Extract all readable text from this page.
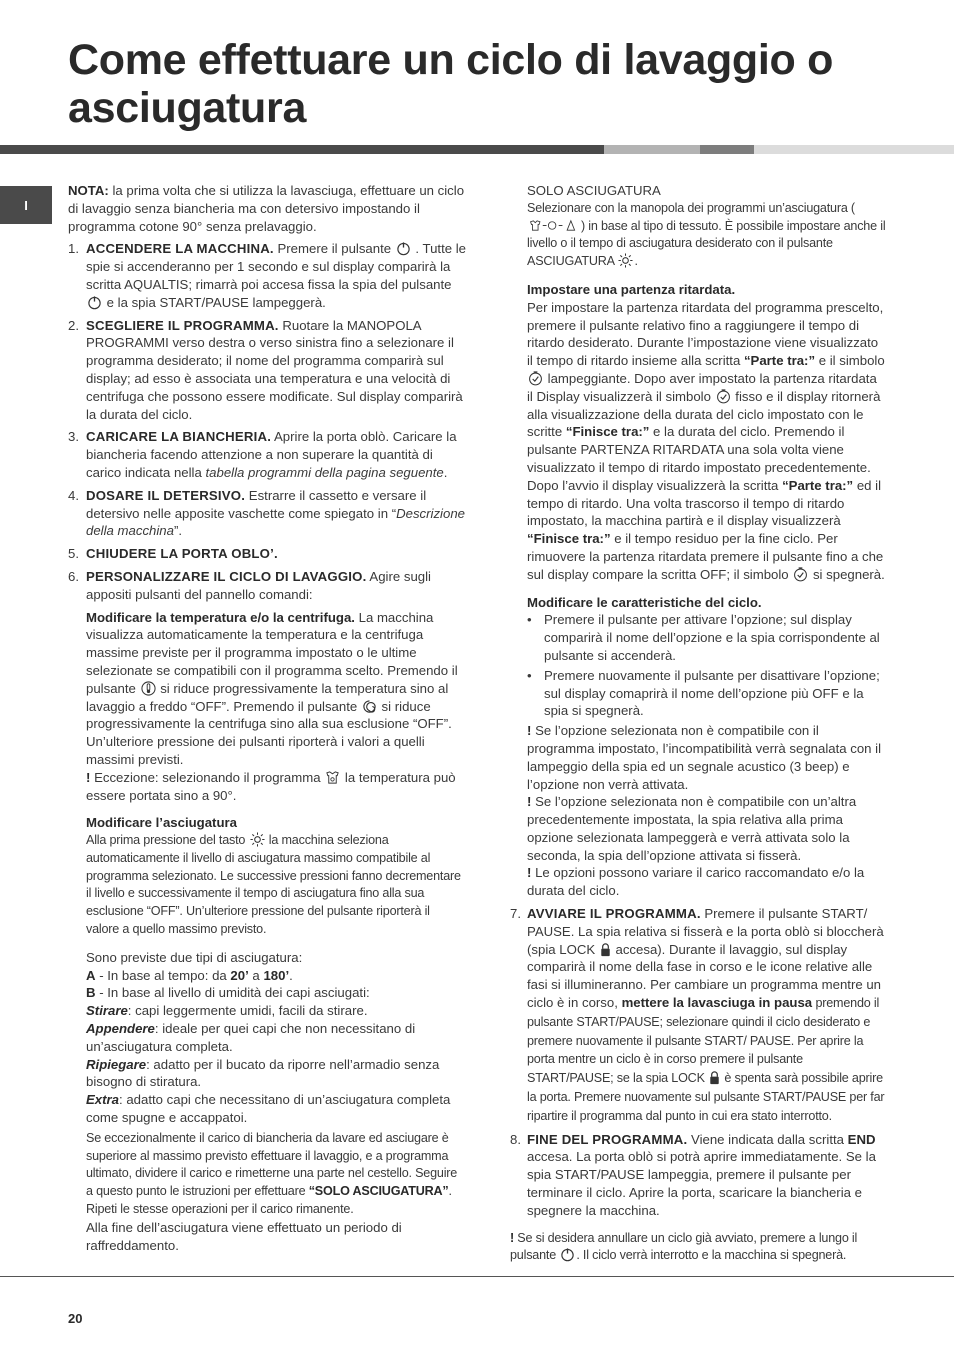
Come effettuare un ciclo di lavaggio o asciugatura
I

NOTA: la prima volta che si utilizza la lavasciuga, effettuare un ciclo di lavaggio senza biancheria ma con detersivo impostando il programma cotone 90° senza prelavaggio.

1. ACCENDERE LA MACCHINA. Premere il pulsante
. Tutte le spie si accenderanno per 1 secondo e sul display comparirà la scritta AQUALTIS; rimarrà poi accesa fissa la spia del pulsante
e la spia START/PAUSE lampeggerà.
2. SCEGLIERE IL PROGRAMMA. Ruotare la MANOPOLA PROGRAMMI verso destra o verso sinistra fino a selezionare il programma desiderato; il nome del programma comparirà sul display; ad esso è associata una temperatura e una velocità di centrifuga che possono essere modificate. Sul display comparirà la durata del ciclo.
3. CARICARE LA BIANCHERIA. Aprire la porta oblò. Caricare la biancheria facendo attenzione a non superare la quantità di carico indicata nella tabella programmi della pagina seguente.
4. DOSARE IL DETERSIVO. Estrarre il cassetto e versare il detersivo nelle apposite vaschette come spiegato in “Descrizione della macchina”.
5. CHIUDERE LA PORTA OBLO’.
6. PERSONALIZZARE IL CICLO DI LAVAGGIO. Agire sugli appositi pulsanti del pannello comandi:

Modificare la temperatura e/o la centrifuga. La macchina visualizza automaticamente la temperatura e la centrifuga massime previste per il programma impostato o le ultime selezionate se compatibili con il programma scelto. Premendo il pulsante
si riduce progressivamente la temperatura sino al lavaggio a freddo “OFF”. Premendo il pulsante
si riduce progressivamente la centrifuga sino alla sua esclusione “OFF”. Un’ulteriore pressione dei pulsanti riporterà i valori a quelli massimi previsti.

! Eccezione: selezionando il programma
la temperatura può essere portata sino a 90°.

Modificare l’asciugatura

Alla prima pressione del tasto
la macchina seleziona automaticamente il livello di asciugatura massimo compatibile al programma selezionato. Le successive pressioni fanno decrementare il livello e successivamente il tempo di asciugatura fino alla sua esclusione “OFF”. Un’ulteriore pressione del pulsante riporterà il valore a quello massimo previsto.

Sono previste due tipi di asciugatura:

A - In base al tempo: da 20’ a 180’.

B - In base al livello di umidità dei capi asciugati:

Stirare: capi leggermente umidi, facili da stirare.

Appendere: ideale per quei capi che non necessitano di un’asciugatura completa.

Ripiegare: adatto per il bucato da riporre nell’armadio senza bisogno di stiratura.

Extra: adatto capi che necessitano di un’asciugatura completa come spugne e accappatoi.

Se eccezionalmente il carico di biancheria da lavare ed asciugare è superiore al massimo previsto effettuare il lavaggio, e a programma ultimato, dividere il carico e rimetterne una parte nel cestello. Seguire a questo punto le istruzioni per effettuare “SOLO ASCIUGATURA”. Ripeti le stesse operazioni per il carico rimanente.

Alla fine dell’asciugatura viene effettuato un periodo di raffreddamento.

SOLO ASCIUGATURA

Selezionare con la manopola dei programmi un’asciugatura (
) in base al tipo di tessuto. È possibile impostare anche il livello o il tempo di asciugatura desiderato con il pulsante ASCIUGATURA
.

Impostare una partenza ritardata.

Per impostare la partenza ritardata del programma prescelto, premere il pulsante relativo fino a raggiungere il tempo di ritardo desiderato. Durante l’impostazione viene visualizzato il tempo di ritardo insieme alla scritta “Parte tra:” e il simbolo
lampeggiante. Dopo aver impostato la partenza ritardata il Display visualizzerà il simbolo
fisso e il display ritornerà alla visualizzazione della durata del ciclo impostato con le scritte “Finisce tra:” e la durata del ciclo. Premendo il pulsante PARTENZA RITARDATA una sola volta viene visualizzato il tempo di ritardo impostato precedentemente. Dopo l’avvio il display visualizzerà la scritta “Parte tra:” ed il tempo di ritardo. Una volta trascorso il tempo di ritardo impostato, la macchina partirà e il display visualizzerà “Finisce tra:” e il tempo residuo per la fine ciclo. Per rimuovere la partenza ritardata premere il pulsante fino a che sul display compare la scritta OFF; il simbolo
si spegnerà.

Modificare le caratteristiche del ciclo.

• Premere il pulsante per attivare l’opzione; sul display comparirà il nome dell’opzione e la spia corrispondente al pulsante si accenderà.
• Premere nuovamente il pulsante per disattivare l’opzione; sul display comaprirà il nome dell’opzione più OFF e la spia si spegnerà.

! Se l’opzione selezionata non è compatibile con il programma impostato, l’incompatibilità verrà segnalata con il lampeggio della spia ed un segnale acustico (3 beep) e l’opzione non verrà attivata.

! Se l’opzione selezionata non è compatibile con un’altra precedentemente impostata, la spia relativa alla prima opzione selezionata lampeggerà e verrà attivata solo la seconda, la spia dell’opzione attivata si fisserà.

! Le opzioni possono variare il carico raccomandato e/o la durata del ciclo.

7. AVVIARE IL PROGRAMMA. Premere il pulsante START/ PAUSE. La spia relativa si fisserà e la porta oblò si bloccherà (spia LOCK
accesa). Durante il lavaggio, sul display comparirà il nome della fase in corso e le icone relative alle fasi si illumineranno. Per cambiare un programma mentre un ciclo è in corso, mettere la lavasciuga in pausa premendo il pulsante START/PAUSE; selezionare quindi il ciclo desiderato e premere nuovamente il pulsante START/ PAUSE. Per aprire la porta mentre un ciclo è in corso premere il pulsante START/PAUSE; se la spia LOCK
è spenta sarà possibile aprire la porta. Premere nuovamente sul pulsante START/PAUSE per far ripartire il programma dal punto in cui era stato interrotto.
8. FINE DEL PROGRAMMA. Viene indicata dalla scritta END accesa. La porta oblò si potrà aprire immediatamente. Se la spia START/PAUSE lampeggia, premere il pulsante per terminare il ciclo. Aprire la porta, scaricare la biancheria e spegnere la macchina.

! Se si desidera annullare un ciclo già avviato, premere a lungo il pulsante
. Il ciclo verrà interrotto e la macchina si spegnerà.

20
